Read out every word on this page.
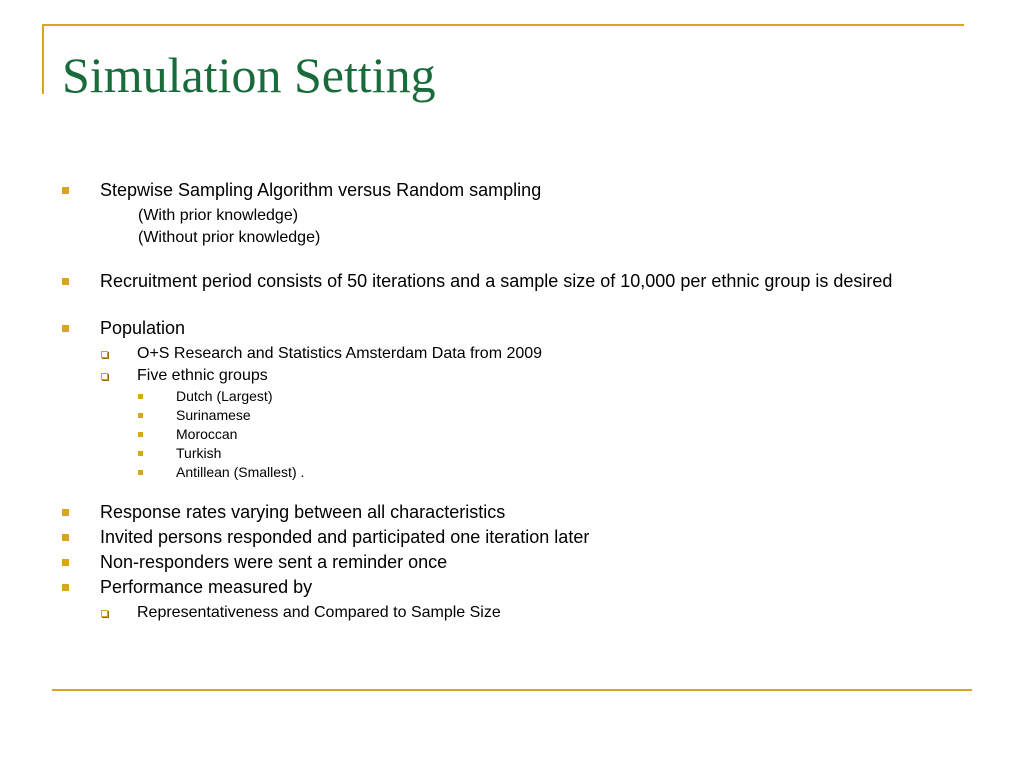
Simulation Setting
Stepwise Sampling Algorithm versus Random sampling
(With prior knowledge)
(Without prior knowledge)
Recruitment period consists of 50 iterations and a sample size of 10,000 per ethnic group is desired
Population
O+S Research and Statistics Amsterdam Data from 2009
Five ethnic groups
Dutch (Largest)
Surinamese
Moroccan
Turkish
Antillean (Smallest) .
Response rates varying between all characteristics
Invited persons responded and participated one iteration later
Non-responders were sent a reminder once
Performance measured by
Representativeness and Compared to Sample Size
